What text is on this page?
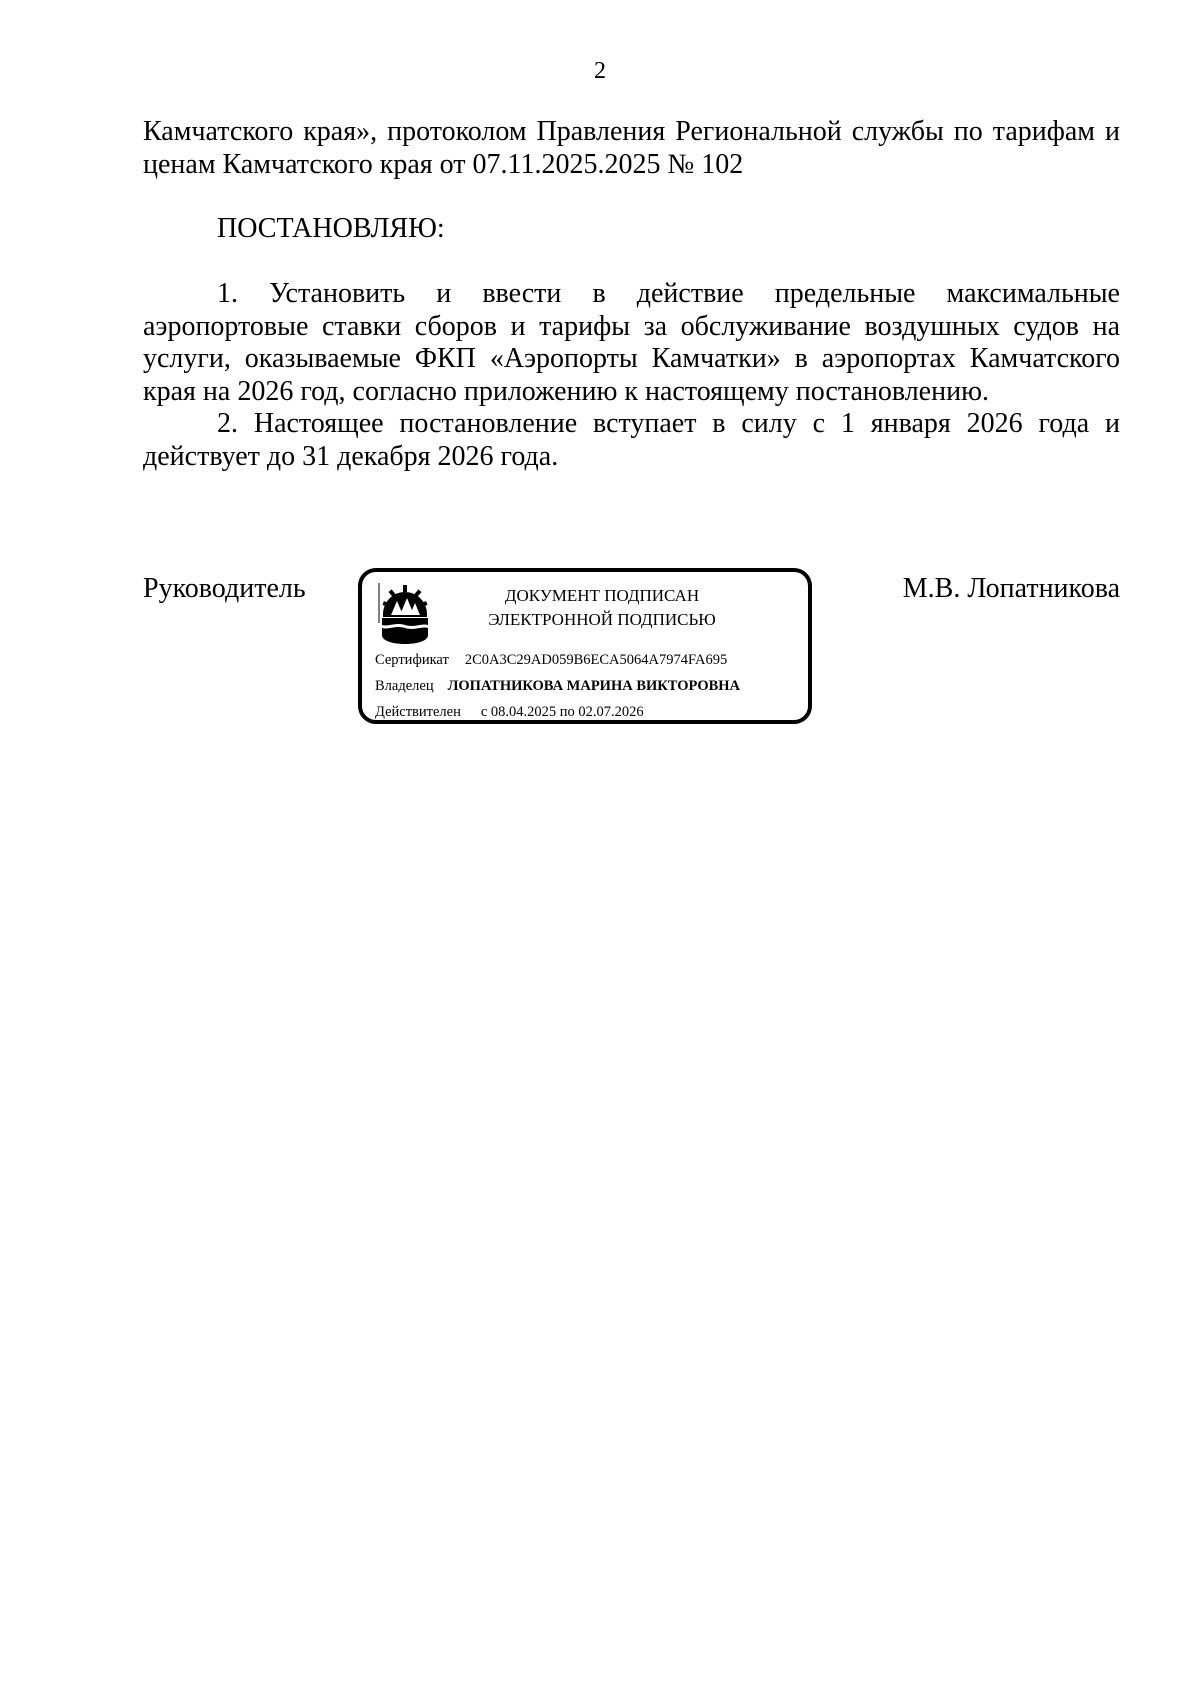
2
Камчатского края», протоколом Правления Региональной службы по тарифам и ценам Камчатского края от 07.11.2025.2025 № 102
ПОСТАНОВЛЯЮ:

1. Установить и ввести в действие предельные максимальные аэропортовые ставки сборов и тарифы за обслуживание воздушных судов на услуги, оказываемые ФКП «Аэропорты Камчатки» в аэропортах Камчатского края на 2026 год, согласно приложению к настоящему постановлению.

2. Настоящее постановление вступает в силу с 1 января 2026 года и действует до 31 декабря 2026 года.

Руководитель	ДОКУМЕНТ ПОДПИСАН
ЭЛЕКТРОННОЙ ПОДПИСЬЮ
Сертификат 2C0A3C29AD059B6ECA5064A7974FA695
Владелец ЛОПАТНИКОВА МАРИНА ВИКТОРОВНА
Действителен с 08.04.2025 по 02.07.2026
М.В. Лопатникова
